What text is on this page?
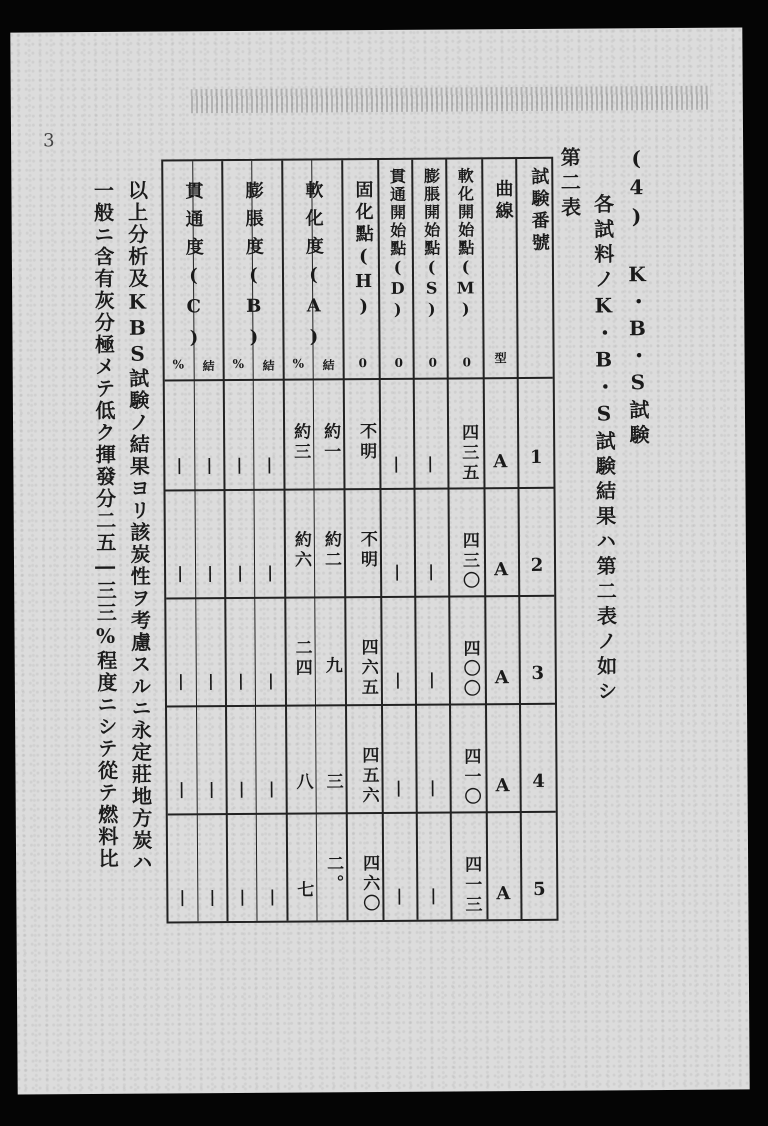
3
(4) K・B・S試験
各試料ノK・B・S試験結果ハ第二表ノ如シ
第二表
試験番號
曲線
型
軟化開始點(M)
0
膨脹開始點(S)
0
貫通開始點(D)
0
固化點(H)
0
軟化度(A)
結
%
膨脹度(B)
結
%
貫通度(C)
結
%
1
A
四三五
|
|
不明
約一
約三
|
|
|
|
2
A
四三〇
|
|
不明
約二
約六
|
|
|
|
3
A
四〇〇
|
|
四六五
九
二四
|
|
|
|
4
A
四一〇
|
|
四五六
三
八
|
|
|
|
5
A
四一三
|
|
四六〇
二。
七
|
|
|
|
以上分析及KBS試験ノ結果ヨリ該炭性ヲ考慮スルニ永定莊地方炭ハ
一般ニ含有灰分極メテ低ク揮發分二五―三三%程度ニシテ從テ燃料比
